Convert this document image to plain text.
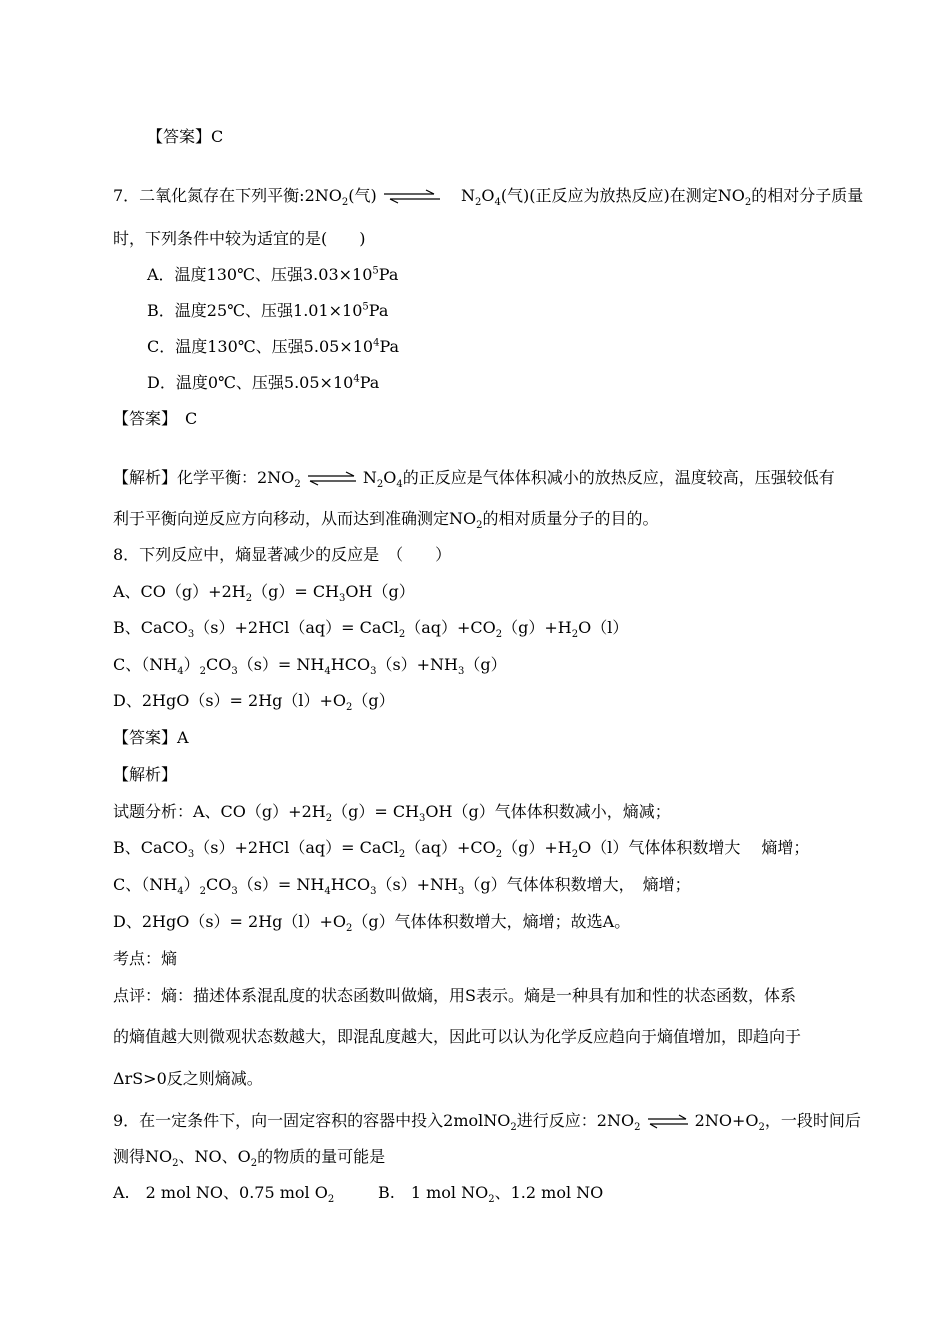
【答案】C
7．二氧化氮存在下列平衡$:2NO_2$(气) ⇌ $N_2O_4$(气)(正反应为放热反应)在测定$NO_2$的相对分子质量
时，下列条件中较为适宜的是(　　)
A．温度130℃、压强$3.03\times 10^5Pa$
B．温度25℃、压强$1.01\times 10^5Pa$
C．温度130℃、压强$5.05\times 10^4Pa$
D．温度0℃、压强$5.05\times 10^4Pa$
【答案】　C
【解析】化学平衡：$2NO_2$ ⇌ $N_2O_4$的正反应是气体体积减小的放热反应，温度较高，压强较低有
利于平衡向逆反应方向移动，从而达到准确测定$NO_2$的相对质量分子的目的。
8．下列反应中，熵显著减少的反应是　（　　）
A、$CO(g)+2H_2(g)= CH_3OH(g)$
B、CaCO$_3$（s）+2HCl（aq）= $CaCl_2(aq)+CO_2(g)+H_2O(l)$
C、$(NH_4)_2CO_3(s)= NH_4HCO_3(s)+NH_3(g)$
D、$2HgO(s)= 2Hg(l)+O_2(g)$
【答案】A
【解析】
试题分析：A、$CO(g)+2H_2(g)= CH_3OH(g)$气体体积数减小，熵减；
B、CaCO$_3$（s）+2HCl（aq）= $CaCl_2(aq)+CO_2(g)+H_2O(l)$气体体积数增大　 熵增；
C、$(NH_4)_2CO_3(s)= NH_4HCO_3(s)+NH_3(g)$气体体积数增大，　熵增；
D、$2HgO(s)= 2Hg(l)+O_2(g)$气体体积数增大，熵增；故选A。
考点：熵
点评：熵：描述体系混乱度的状态函数叫做熵，用S表示。熵是一种具有加和性的状态函数，体系
的熵值越大则微观状态数越大，即混乱度越大，因此可以认为化学反应趋向于熵值增加，即趋向于
ΔrS>0反之则熵减。
9．在一定条件下，向一固定容积的容器中投入2molNO$_2$进行反应：$2NO_2$ ⇌ $2NO+O_2$，一段时间后
测得$NO_2$、NO、$O_2$的物质的量可能是
A.　2 mol NO、0.75 mol $O_2$	B.　1 mol $NO_2$、1.2 mol NO
